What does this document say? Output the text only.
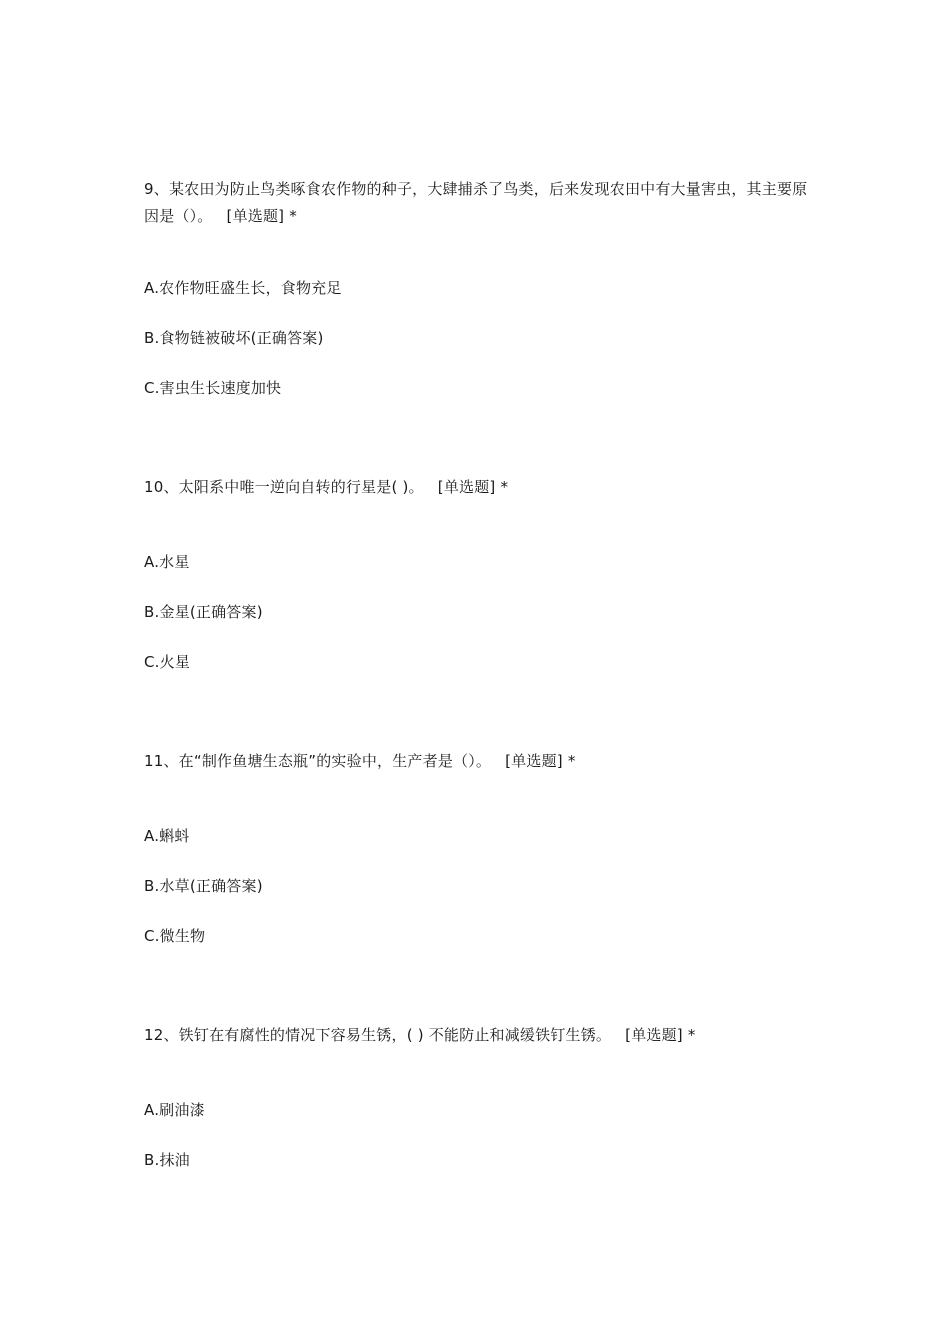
9、某农田为防止鸟类啄食农作物的种子，大肆捕杀了鸟类，后来发现农田中有大量害虫，其主要原因是（）。 [单选题] *
A.农作物旺盛生长，食物充足
B.食物链被破坏(正确答案)
C.害虫生长速度加快
10、太阳系中唯一逆向自转的行星是( )。 [单选题] *
A.水星
B.金星(正确答案)
C.火星
11、在“制作鱼塘生态瓶”的实验中，生产者是（）。 [单选题] *
A.蝌蚪
B.水草(正确答案)
C.微生物
12、铁钉在有腐性的情况下容易生锈，( ) 不能防止和减缓铁钉生锈。 [单选题] *
A.刷油漆
B.抹油
